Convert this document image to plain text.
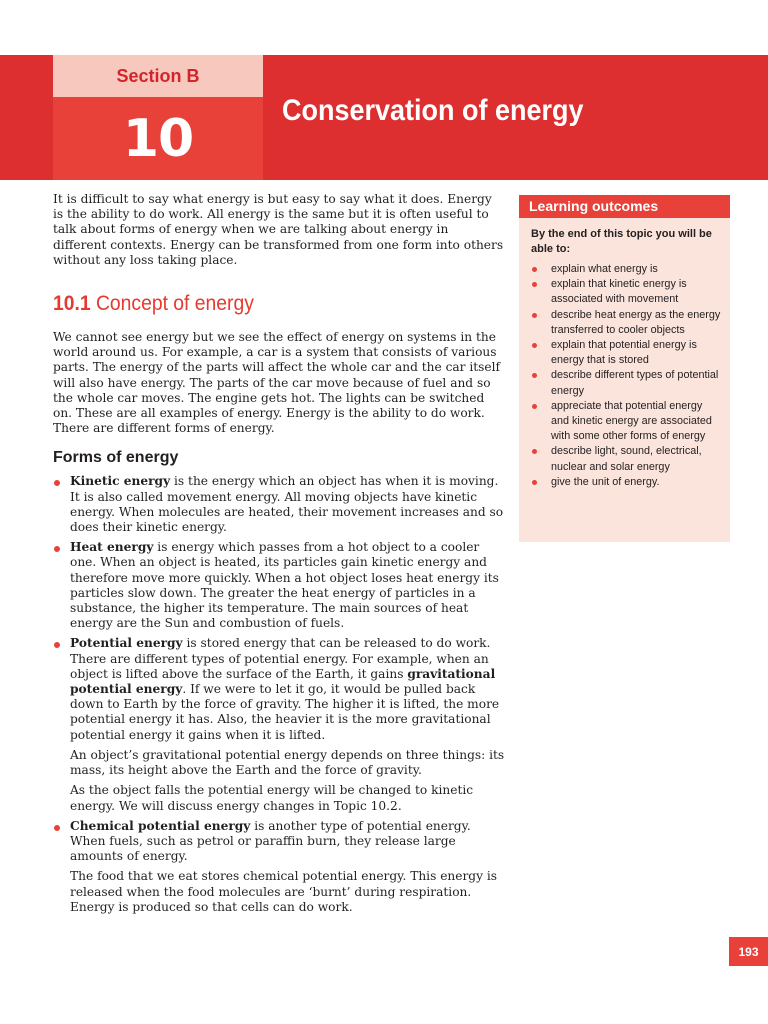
Section B
10	Conservation of energy

It is difficult to say what energy is but easy to say what it does. Energy is the ability to do work. All energy is the same but it is often useful to talk about forms of energy when we are talking about energy in different contexts. Energy can be transformed from one form into others without any loss taking place.

10.1 Concept of energy

We cannot see energy but we see the effect of energy on systems in the world around us. For example, a car is a system that consists of various parts. The energy of the parts will affect the whole car and the car itself will also have energy. The parts of the car move because of fuel and so the whole car moves. The engine gets hot. The lights can be switched on. These are all examples of energy. Energy is the ability to do work. There are different forms of energy.

Forms of energy

Kinetic energy is the energy which an object has when it is moving. It is also called movement energy. All moving objects have kinetic energy. When molecules are heated, their movement increases and so does their kinetic energy.

Heat energy is energy which passes from a hot object to a cooler one. When an object is heated, its particles gain kinetic energy and therefore move more quickly. When a hot object loses heat energy its particles slow down. The greater the heat energy of particles in a substance, the higher its temperature. The main sources of heat energy are the Sun and combustion of fuels.

Potential energy is stored energy that can be released to do work. There are different types of potential energy. For example, when an object is lifted above the surface of the Earth, it gains gravitational potential energy. If we were to let it go, it would be pulled back down to Earth by the force of gravity. The higher it is lifted, the more potential energy it has. Also, the heavier it is the more gravitational potential energy it gains when it is lifted.

An object’s gravitational potential energy depends on three things: its mass, its height above the Earth and the force of gravity.

As the object falls the potential energy will be changed to kinetic energy. We will discuss energy changes in Topic 10.2.

Chemical potential energy is another type of potential energy. When fuels, such as petrol or paraffin burn, they release large amounts of energy.

The food that we eat stores chemical potential energy. This energy is released when the food molecules are ‘burnt’ during respiration. Energy is produced so that cells can do work.

Learning outcomes
By the end of this topic you will be able to:
explain what energy is
explain that kinetic energy is associated with movement
describe heat energy as the energy transferred to cooler objects
explain that potential energy is energy that is stored
describe different types of potential energy
appreciate that potential energy and kinetic energy are associated with some other forms of energy
describe light, sound, electrical, nuclear and solar energy
give the unit of energy.
193
